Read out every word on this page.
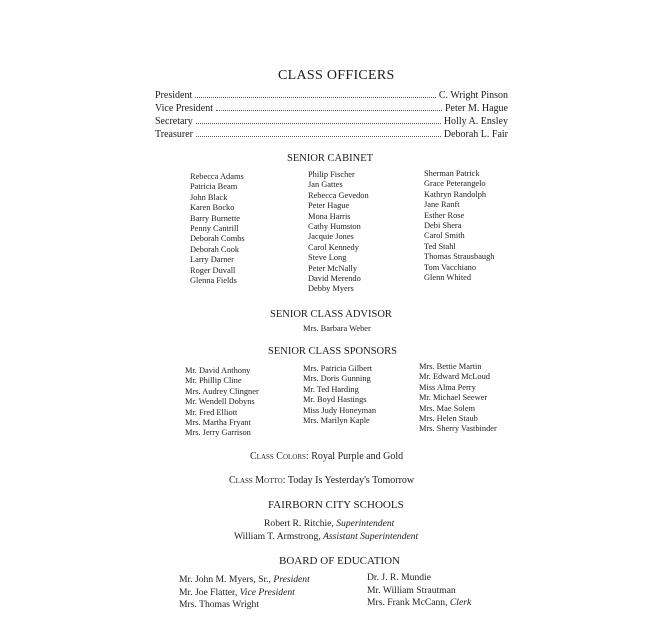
CLASS OFFICERS
President	C. Wright Pinson
Vice President	Peter M. Hague
Secretary	Holly A. Ensley
Treasurer	Deborah L. Fair
SENIOR CABINET
Rebecca Adams
Patricia Beam
John Black
Karen Bocko
Barry Burnette
Penny Cantrill
Deborah Combs
Deborah Cook
Larry Darner
Roger Duvall
Glenna Fields
Philip Fischer
Jan Gattes
Rebecca Gevedon
Peter Hague
Mona Harris
Cathy Humston
Jacquie Jones
Carol Kennedy
Steve Long
Peter McNally
David Merendo
Debby Myers
Sherman Patrick
Grace Peterangelo
Kathryn Randolph
Jane Ranft
Esther Rose
Debi Shera
Carol Smith
Ted Stahl
Thomas Strausbaugh
Tom Vacchiano
Glenn Whited
SENIOR CLASS ADVISOR
Mrs. Barbara Weber
SENIOR CLASS SPONSORS
Mr. David Anthony
Mr. Phillip Cline
Mrs. Audrey Clingner
Mr. Wendell Dobyns
Mr. Fred Elliott
Mrs. Martha Fryant
Mrs. Jerry Garrison
Mrs. Patricia Gilbert
Mrs. Doris Gunning
Mr. Ted Harding
Mr. Boyd Hastings
Miss Judy Honeyman
Mrs. Marilyn Kaple
Mrs. Bettie Martin
Mr. Edward McLoud
Miss Alma Perry
Mr. Michael Seewer
Mrs. Mae Solem
Mrs. Helen Staub
Mrs. Sherry Vastbinder
Class Colors: Royal Purple and Gold
Class Motto: Today Is Yesterday's Tomorrow
FAIRBORN CITY SCHOOLS
Robert R. Ritchie, Superintendent
William T. Armstrong, Assistant Superintendent
BOARD OF EDUCATION
Mr. John M. Myers, Sr., President
Mr. Joe Flatter, Vice President
Mrs. Thomas Wright
Dr. J. R. Mundie
Mr. William Strautman
Mrs. Frank McCann, Clerk
